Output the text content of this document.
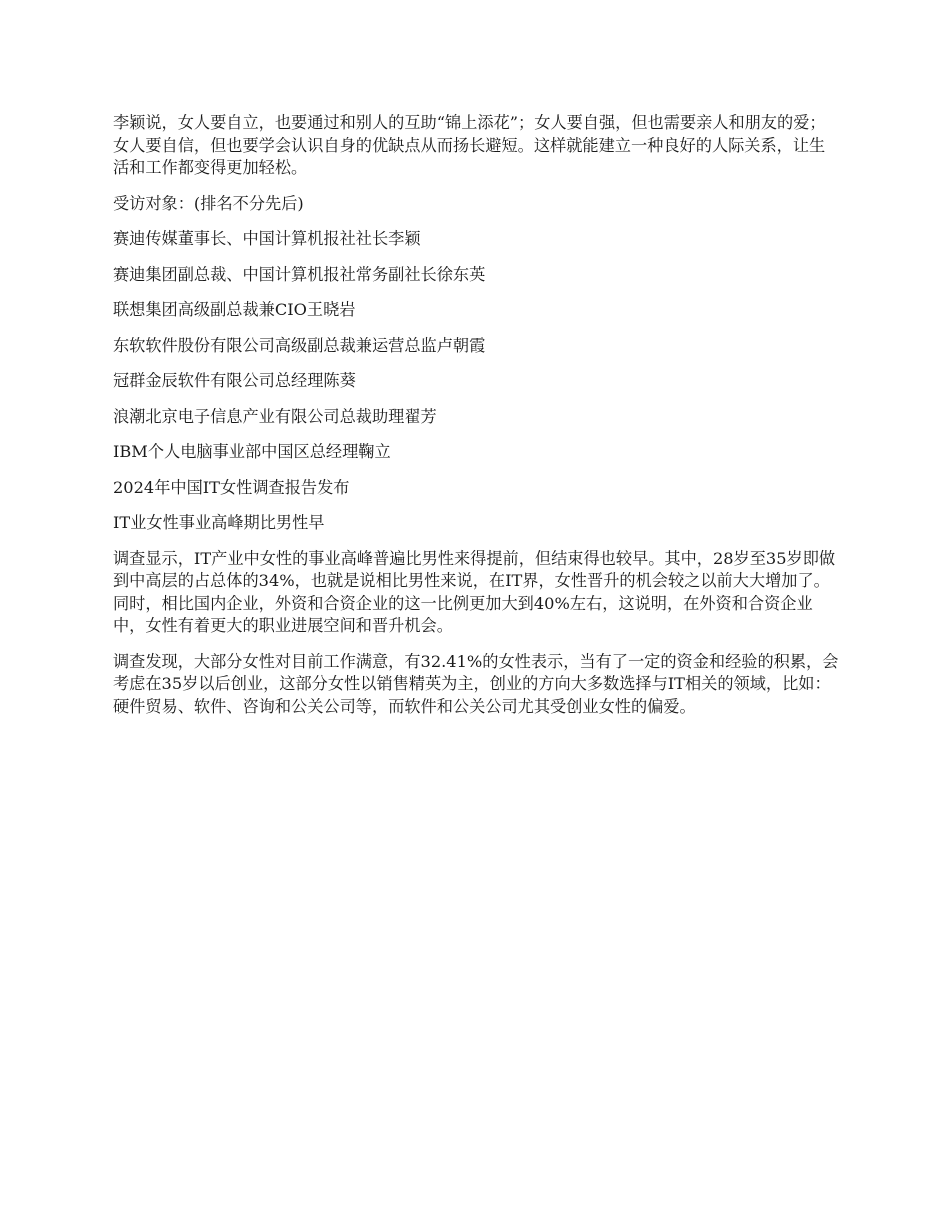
李颖说，女人要自立，也要通过和别人的互助“锦上添花”；女人要自强，但也需要亲人和朋友的爱；女人要自信，但也要学会认识自身的优缺点从而扬长避短。这样就能建立一种良好的人际关系，让生活和工作都变得更加轻松。

受访对象：(排名不分先后)

赛迪传媒董事长、中国计算机报社社长李颖

赛迪集团副总裁、中国计算机报社常务副社长徐东英

联想集团高级副总裁兼CIO王晓岩

东软软件股份有限公司高级副总裁兼运营总监卢朝霞

冠群金辰软件有限公司总经理陈葵

浪潮北京电子信息产业有限公司总裁助理翟芳

IBM个人电脑事业部中国区总经理鞠立

2024年中国IT女性调查报告发布

IT业女性事业高峰期比男性早

调查显示，IT产业中女性的事业高峰普遍比男性来得提前，但结束得也较早。其中，28岁至35岁即做到中高层的占总体的34%，也就是说相比男性来说，在IT界，女性晋升的机会较之以前大大增加了。同时，相比国内企业，外资和合资企业的这一比例更加大到40%左右，这说明，在外资和合资企业中，女性有着更大的职业进展空间和晋升机会。

调查发现，大部分女性对目前工作满意，有32.41%的女性表示，当有了一定的资金和经验的积累，会考虑在35岁以后创业，这部分女性以销售精英为主，创业的方向大多数选择与IT相关的领域，比如：硬件贸易、软件、咨询和公关公司等，而软件和公关公司尤其受创业女性的偏爱。
